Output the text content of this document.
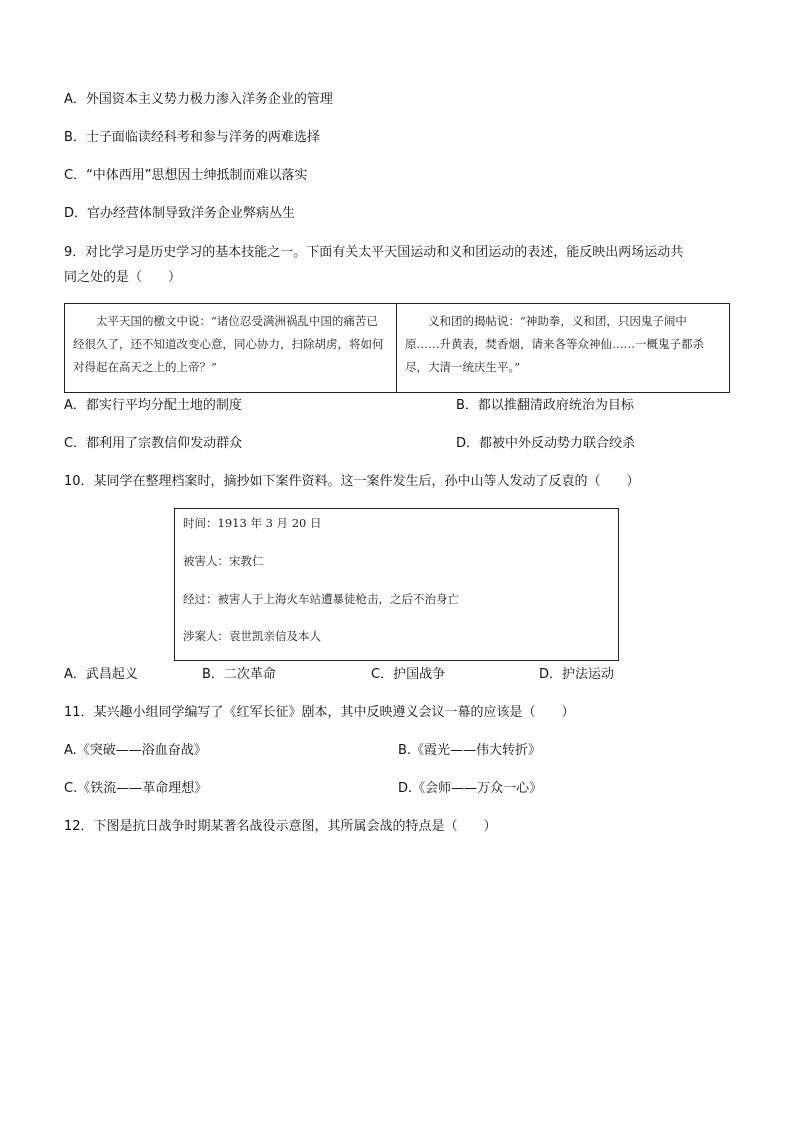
A．外国资本主义势力极力渗入洋务企业的管理
B．士子面临读经科考和参与洋务的两难选择
C．“中体西用”思想因士绅抵制而难以落实
D．官办经营体制导致洋务企业弊病丛生
9．对比学习是历史学习的基本技能之一。下面有关太平天国运动和义和团运动的表述，能反映出两场运动共
同之处的是（　　）
　　太平天国的檄文中说：“诸位忍受满洲祸乱中国的痛苦已经很久了，还不知道改变心意，同心协力，扫除胡虏，将如何对得起在高天之上的上帝？”
　　义和团的揭帖说：“神助拳，义和团，只因鬼子闹中原……升黄表，焚香烟，请来各等众神仙……一概鬼子都杀尽，大清一统庆生平。”
A．都实行平均分配土地的制度	B．都以推翻清政府统治为目标
C．都利用了宗教信仰发动群众	D．都被中外反动势力联合绞杀
10．某同学在整理档案时，摘抄如下案件资料。这一案件发生后，孙中山等人发动了反袁的（　　）
时间：1913 年 3 月 20 日
被害人：宋教仁
经过：被害人于上海火车站遭暴徒枪击，之后不治身亡
涉案人：袁世凯亲信及本人
A．武昌起义	B．二次革命	C．护国战争	D．护法运动
11．某兴趣小组同学编写了《红军长征》剧本，其中反映遵义会议一幕的应该是（　　）
A.《突破——浴血奋战》	B.《霞光——伟大转折》
C.《铁流——革命理想》	D.《会师——万众一心》
12．下图是抗日战争时期某著名战役示意图，其所属会战的特点是（　　）
